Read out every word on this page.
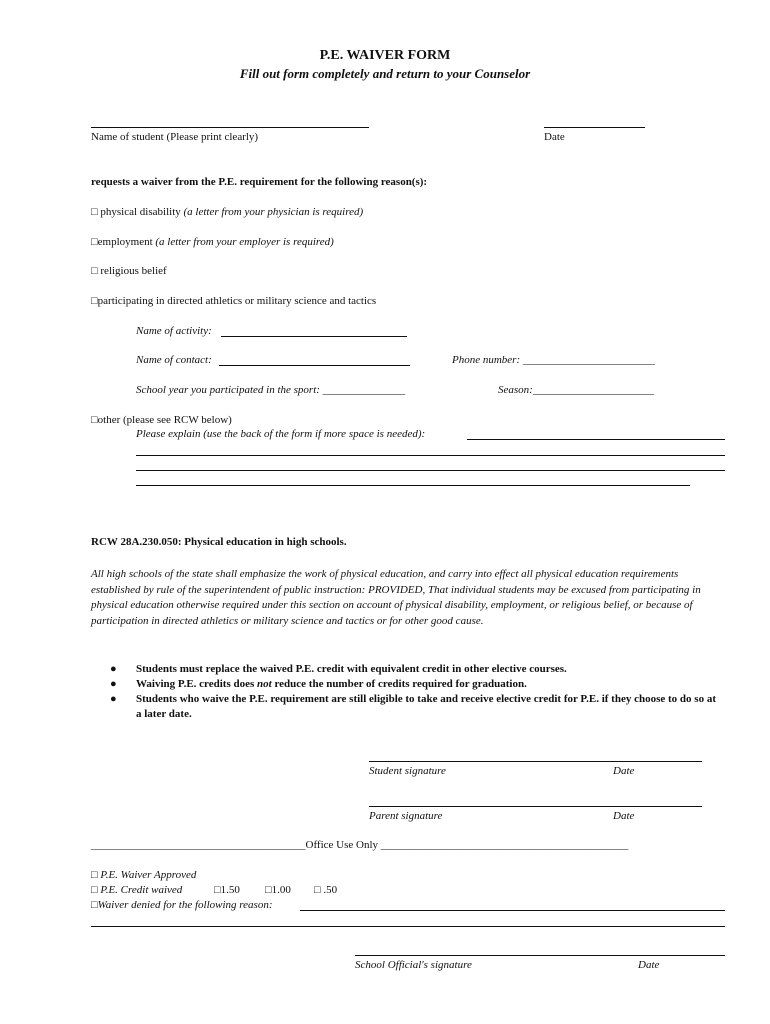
P.E. WAIVER FORM
Fill out form completely and return to your Counselor
Name of student (Please print clearly)	Date
requests a waiver from the P.E. requirement for the following reason(s):
□ physical disability (a letter from your physician is required)
□employment (a letter from your employer is required)
□ religious belief
□participating in directed athletics or military science and tactics
Name of activity:
Name of contact:	Phone number: ________________________
School year you participated in the sport: _______________	Season:______________________
□other (please see RCW below)
Please explain (use the back of the form if more space is needed):
RCW 28A.230.050: Physical education in high schools.
All high schools of the state shall emphasize the work of physical education, and carry into effect all physical education requirements established by rule of the superintendent of public instruction: PROVIDED, That individual students may be excused from participating in physical education otherwise required under this section on account of physical disability, employment, or religious belief, or because of participation in directed athletics or military science and tactics or for other good cause.
● Students must replace the waived P.E. credit with equivalent credit in other elective courses.
● Waiving P.E. credits does not reduce the number of credits required for graduation.
● Students who waive the P.E. requirement are still eligible to take and receive elective credit for P.E. if they choose to do so at a later date.
Student signature	Date
Parent signature	Date
_______________________________________Office Use Only _____________________________________________
□ P.E. Waiver Approved
□ P.E. Credit waived	□1.50 □1.00 □ .50
□Waiver denied for the following reason:
School Official's signature	Date
